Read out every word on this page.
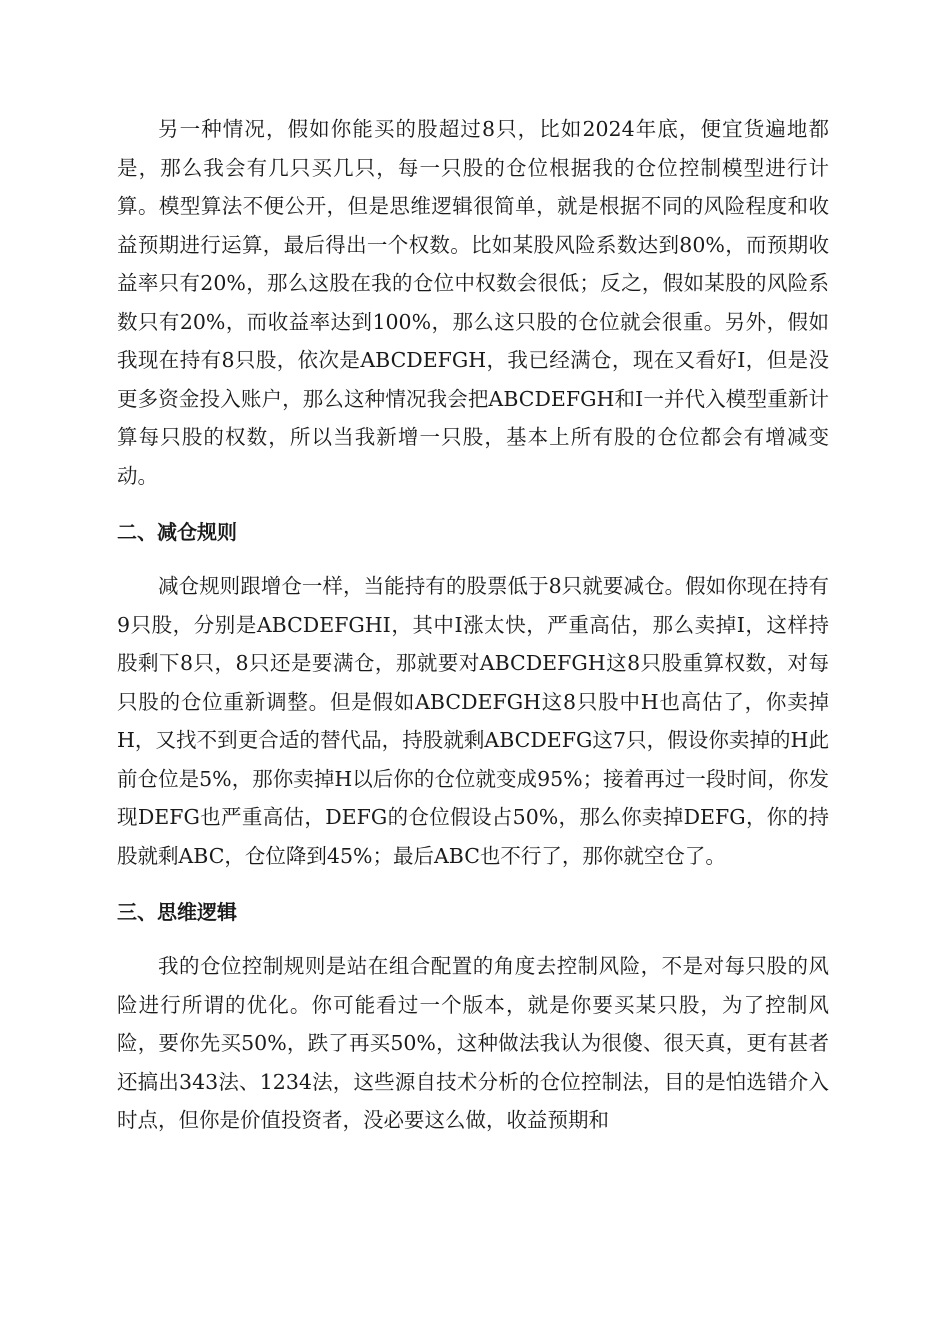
另一种情况，假如你能买的股超过8只，比如2024年底，便宜货遍地都是，那么我会有几只买几只，每一只股的仓位根据我的仓位控制模型进行计算。模型算法不便公开，但是思维逻辑很简单，就是根据不同的风险程度和收益预期进行运算，最后得出一个权数。比如某股风险系数达到80%，而预期收益率只有20%，那么这股在我的仓位中权数会很低；反之，假如某股的风险系数只有20%，而收益率达到100%，那么这只股的仓位就会很重。另外，假如我现在持有8只股，依次是ABCDEFGH，我已经满仓，现在又看好I，但是没更多资金投入账户，那么这种情况我会把ABCDEFGH和I一并代入模型重新计算每只股的权数，所以当我新增一只股，基本上所有股的仓位都会有增减变动。

二、减仓规则

减仓规则跟增仓一样，当能持有的股票低于8只就要减仓。假如你现在持有9只股，分别是ABCDEFGHI，其中I涨太快，严重高估，那么卖掉I，这样持股剩下8只，8只还是要满仓，那就要对ABCDEFGH这8只股重算权数，对每只股的仓位重新调整。但是假如ABCDEFGH这8只股中H也高估了，你卖掉H，又找不到更合适的替代品，持股就剩ABCDEFG这7只，假设你卖掉的H此前仓位是5%，那你卖掉H以后你的仓位就变成95%；接着再过一段时间，你发现DEFG也严重高估，DEFG的仓位假设占50%，那么你卖掉DEFG，你的持股就剩ABC，仓位降到45%；最后ABC也不行了，那你就空仓了。

三、思维逻辑

我的仓位控制规则是站在组合配置的角度去控制风险，不是对每只股的风险进行所谓的优化。你可能看过一个版本，就是你要买某只股，为了控制风险，要你先买50%，跌了再买50%，这种做法我认为很傻、很天真，更有甚者还搞出343法、1234法，这些源自技术分析的仓位控制法，目的是怕选错介入时点，但你是价值投资者，没必要这么做，收益预期和
